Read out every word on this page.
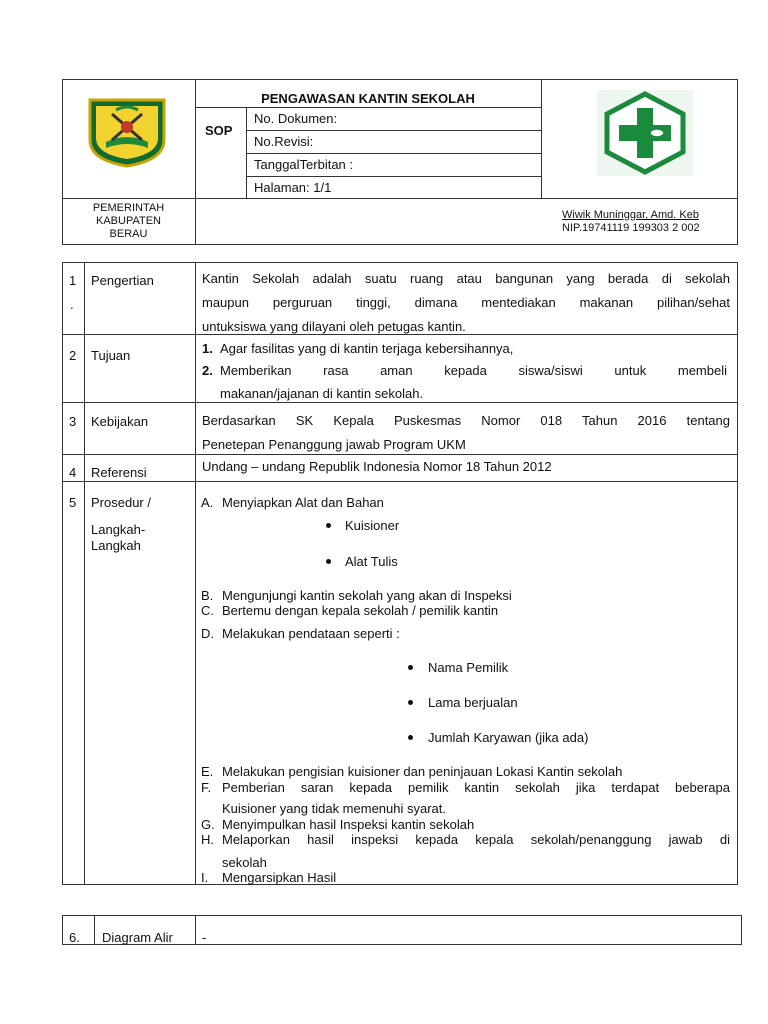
PEMERINTAH
KABUPATEN
BERAU
PENGAWASAN KANTIN SEKOLAH
SOP
No. Dokumen:
No.Revisi:
TanggalTerbitan :
Halaman: 1/1
Wiwik Muninggar, Amd. Keb
NIP.19741119 199303 2 002
1
.
Pengertian	Kantin Sekolah adalah suatu ruang atau bangunan yang berada di sekolah
maupun perguruan tinggi, dimana mentediakan makanan pilihan/sehat
untuksiswa yang dilayani oleh petugas kantin.
2 Tujuan	1. Agar fasilitas yang di kantin terjaga kebersihannya,
2. Memberikan rasa aman kepada siswa/siswi untuk membeli
makanan/jajanan di kantin sekolah.
3 Kebijakan	Berdasarkan SK Kepala Puskesmas Nomor 018 Tahun 2016 tentang
Penetepan Penanggung jawab Program UKM
4 Referensi	Undang – undang Republik Indonesia Nomor 18 Tahun 2012
5 Prosedur /
Langkah-
Langkah
A. Menyiapkan Alat dan Bahan
Kuisioner
Alat Tulis
B. Mengunjungi kantin sekolah yang akan di Inspeksi
C. Bertemu dengan kepala sekolah / pemilik kantin
D. Melakukan pendataan seperti :
Nama Pemilik
Lama berjualan
Jumlah Karyawan (jika ada)
E. Melakukan pengisian kuisioner dan peninjauan Lokasi Kantin sekolah
F. Pemberian saran kepada pemilik kantin sekolah jika terdapat beberapa
Kuisioner yang tidak memenuhi syarat.
G. Menyimpulkan hasil Inspeksi kantin sekolah
H. Melaporkan hasil inspeksi kepada kepala sekolah/penanggung jawab di
sekolah
I. Mengarsipkan Hasil
6. Diagram Alir -
